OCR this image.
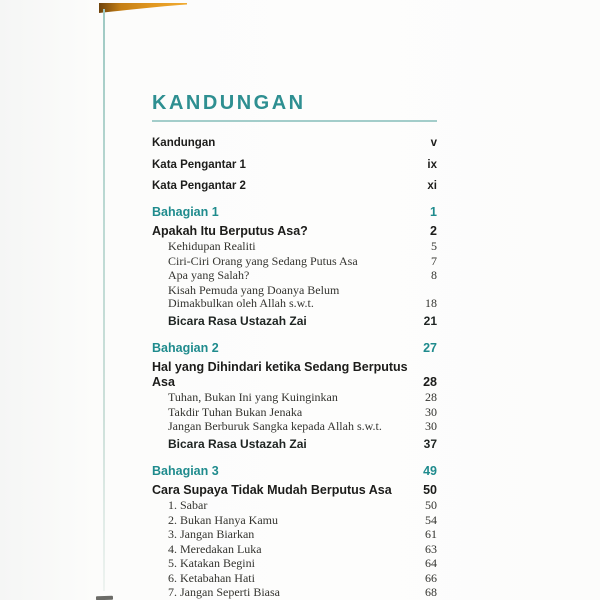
KANDUNGAN
Kandungan	v
Kata Pengantar 1	ix
Kata Pengantar 2	xi
Bahagian 1	1
Apakah Itu Berputus Asa?	2
Kehidupan Realiti	5
Ciri-Ciri Orang yang Sedang Putus Asa	7
Apa yang Salah?	8
Kisah Pemuda yang Doanya Belum Dimakbulkan oleh Allah s.w.t.	18
Bicara Rasa Ustazah Zai	21
Bahagian 2	27
Hal yang Dihindari ketika Sedang Berputus Asa	28
Tuhan, Bukan Ini yang Kuinginkan	28
Takdir Tuhan Bukan Jenaka	30
Jangan Berburuk Sangka kepada Allah s.w.t.	30
Bicara Rasa Ustazah Zai	37
Bahagian 3	49
Cara Supaya Tidak Mudah Berputus Asa	50
1. Sabar	50
2. Bukan Hanya Kamu	54
3. Jangan Biarkan	61
4. Meredakan Luka	63
5. Katakan Begini	64
6. Ketabahan Hati	66
7. Jangan Seperti Biasa	68
